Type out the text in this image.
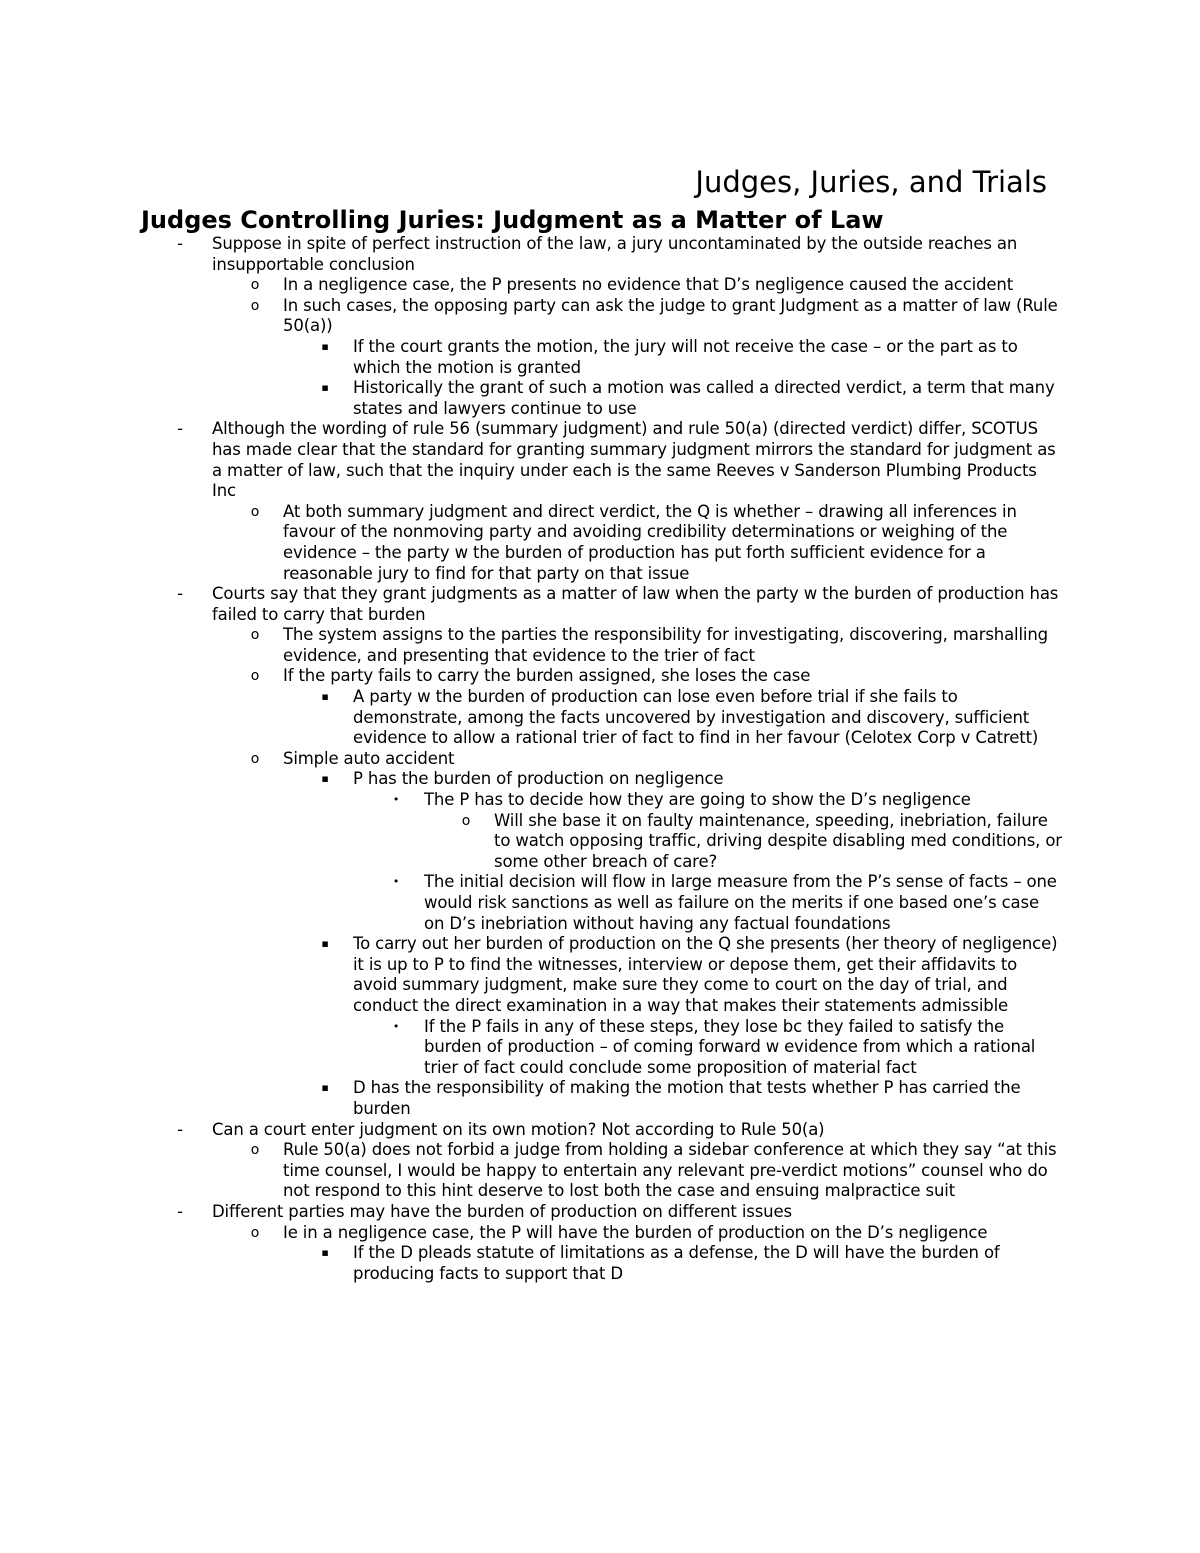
Judges, Juries, and Trials
Judges Controlling Juries: Judgment as a Matter of Law
-	Suppose in spite of perfect instruction of the law, a jury uncontaminated by the outside reaches an insupportable conclusion
o In a negligence case, the P presents no evidence that D’s negligence caused the accident
o In such cases, the opposing party can ask the judge to grant Judgment as a matter of law (Rule 50(a))
▪ If the court grants the motion, the jury will not receive the case – or the part as to which the motion is granted
▪ Historically the grant of such a motion was called a directed verdict, a term that many states and lawyers continue to use
-	Although the wording of rule 56 (summary judgment) and rule 50(a) (directed verdict) differ, SCOTUS has made clear that the standard for granting summary judgment mirrors the standard for judgment as a matter of law, such that the inquiry under each is the same Reeves v Sanderson Plumbing Products Inc
o At both summary judgment and direct verdict, the Q is whether – drawing all inferences in favour of the nonmoving party and avoiding credibility determinations or weighing of the evidence – the party w the burden of production has put forth sufficient evidence for a reasonable jury to find for that party on that issue
-	Courts say that they grant judgments as a matter of law when the party w the burden of production has failed to carry that burden
o The system assigns to the parties the responsibility for investigating, discovering, marshalling evidence, and presenting that evidence to the trier of fact
o If the party fails to carry the burden assigned, she loses the case
▪ A party w the burden of production can lose even before trial if she fails to demonstrate, among the facts uncovered by investigation and discovery, sufficient evidence to allow a rational trier of fact to find in her favour (Celotex Corp v Catrett)
o Simple auto accident
▪ P has the burden of production on negligence
• The P has to decide how they are going to show the D’s negligence
o Will she base it on faulty maintenance, speeding, inebriation, failure to watch opposing traffic, driving despite disabling med conditions, or some other breach of care?
• The initial decision will flow in large measure from the P’s sense of facts – one would risk sanctions as well as failure on the merits if one based one’s case on D’s inebriation without having any factual foundations
▪ To carry out her burden of production on the Q she presents (her theory of negligence) it is up to P to find the witnesses, interview or depose them, get their affidavits to avoid summary judgment, make sure they come to court on the day of trial, and conduct the direct examination in a way that makes their statements admissible
• If the P fails in any of these steps, they lose bc they failed to satisfy the burden of production – of coming forward w evidence from which a rational trier of fact could conclude some proposition of material fact
▪ D has the responsibility of making the motion that tests whether P has carried the burden
-	Can a court enter judgment on its own motion? Not according to Rule 50(a)
o Rule 50(a) does not forbid a judge from holding a sidebar conference at which they say “at this time counsel, I would be happy to entertain any relevant pre-verdict motions” counsel who do not respond to this hint deserve to lost both the case and ensuing malpractice suit
-	Different parties may have the burden of production on different issues
o Ie in a negligence case, the P will have the burden of production on the D’s negligence
▪ If the D pleads statute of limitations as a defense, the D will have the burden of producing facts to support that D
